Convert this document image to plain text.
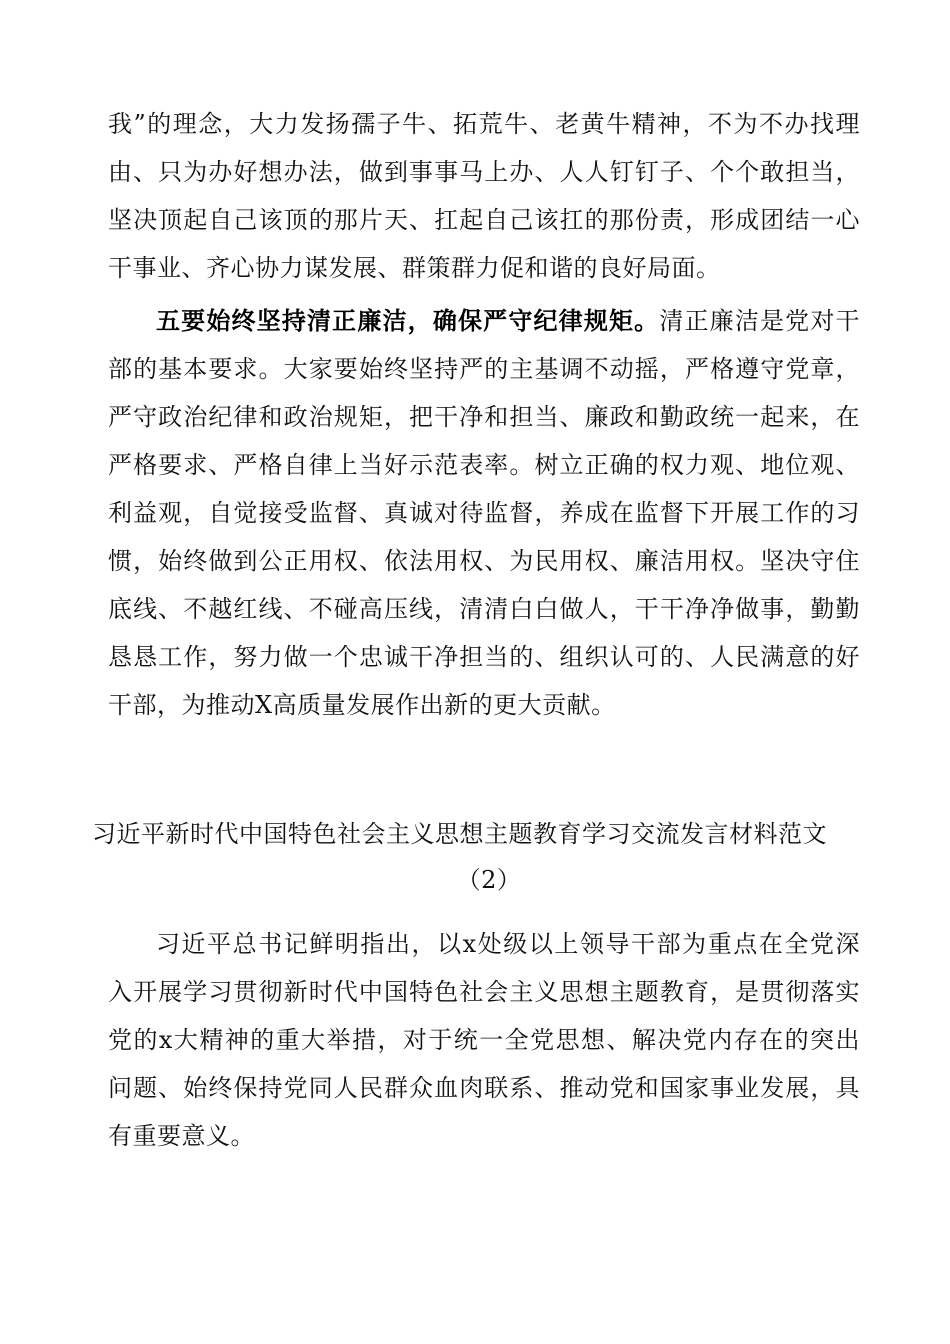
我”的理念，大力发扬孺子牛、拓荒牛、老黄牛精神，不为不办找理
由、只为办好想办法，做到事事马上办、人人钉钉子、个个敢担当，
坚决顶起自己该顶的那片天、扛起自己该扛的那份责，形成团结一心
干事业、齐心协力谋发展、群策群力促和谐的良好局面。
五要始终坚持清正廉洁，确保严守纪律规矩。清正廉洁是党对干
部的基本要求。大家要始终坚持严的主基调不动摇，严格遵守党章，
严守政治纪律和政治规矩，把干净和担当、廉政和勤政统一起来，在
严格要求、严格自律上当好示范表率。树立正确的权力观、地位观、
利益观，自觉接受监督、真诚对待监督，养成在监督下开展工作的习
惯，始终做到公正用权、依法用权、为民用权、廉洁用权。坚决守住
底线、不越红线、不碰高压线，清清白白做人，干干净净做事，勤勤
恳恳工作，努力做一个忠诚干净担当的、组织认可的、人民满意的好
干部，为推动X高质量发展作出新的更大贡献。
习近平新时代中国特色社会主义思想主题教育学习交流发言材料范文
（2）
习近平总书记鲜明指出，以x处级以上领导干部为重点在全党深
入开展学习贯彻新时代中国特色社会主义思想主题教育，是贯彻落实
党的x大精神的重大举措，对于统一全党思想、解决党内存在的突出
问题、始终保持党同人民群众血肉联系、推动党和国家事业发展，具
有重要意义。
